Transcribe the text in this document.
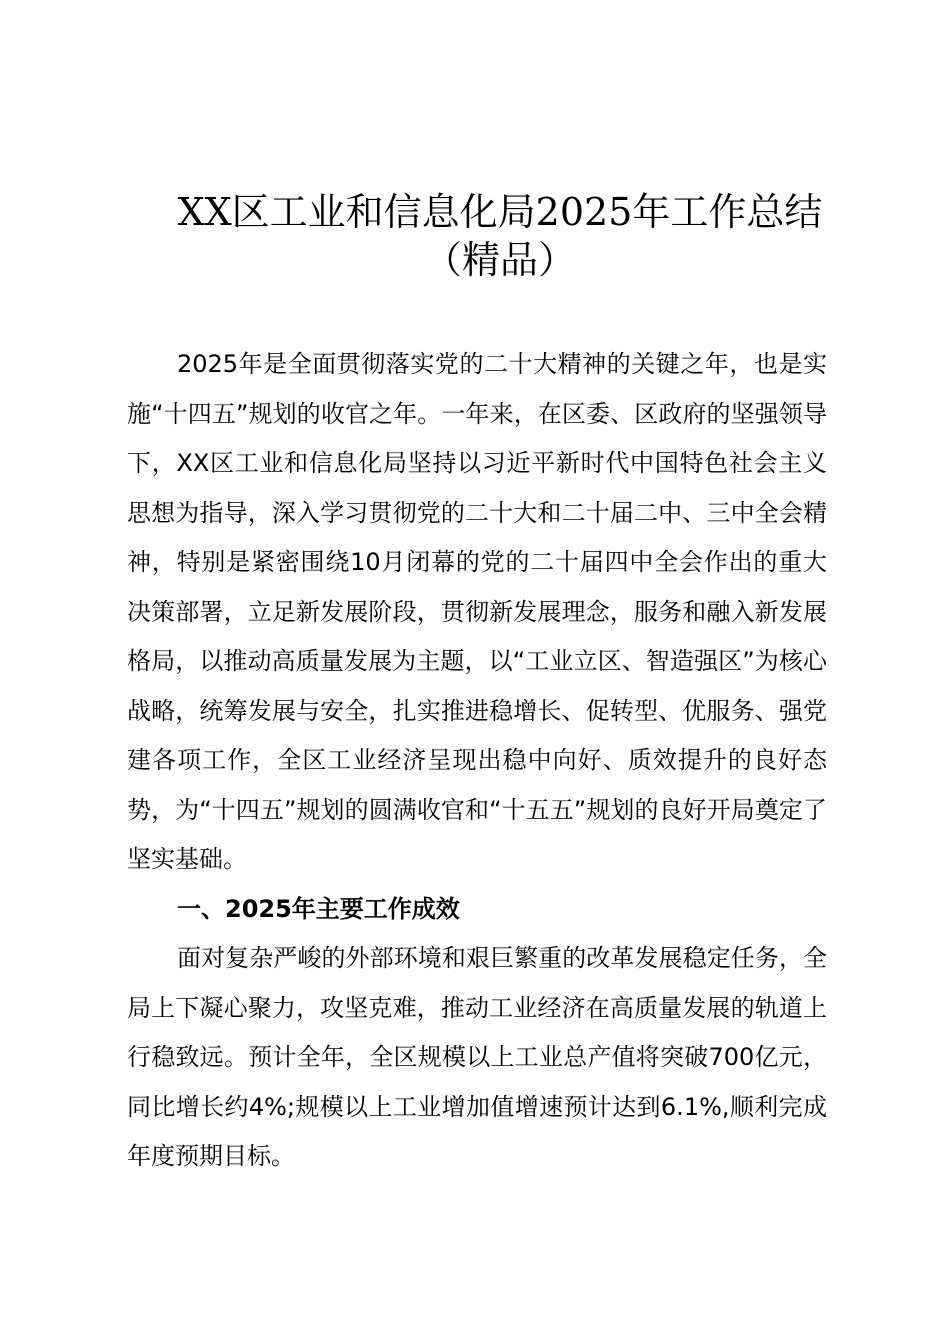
XX区工业和信息化局2025年工作总结（精品）

2025年是全面贯彻落实党的二十大精神的关键之年，也是实施“十四五”规划的收官之年。一年来，在区委、区政府的坚强领导下，XX区工业和信息化局坚持以习近平新时代中国特色社会主义思想为指导，深入学习贯彻党的二十大和二十届二中、三中全会精神，特别是紧密围绕10月闭幕的党的二十届四中全会作出的重大决策部署，立足新发展阶段，贯彻新发展理念，服务和融入新发展格局，以推动高质量发展为主题，以“工业立区、智造强区”为核心战略，统筹发展与安全，扎实推进稳增长、促转型、优服务、强党建各项工作，全区工业经济呈现出稳中向好、质效提升的良好态势，为“十四五”规划的圆满收官和“十五五”规划的良好开局奠定了坚实基础。

一、2025年主要工作成效

面对复杂严峻的外部环境和艰巨繁重的改革发展稳定任务，全局上下凝心聚力，攻坚克难，推动工业经济在高质量发展的轨道上行稳致远。预计全年，全区规模以上工业总产值将突破700亿元，同比增长约4%;规模以上工业增加值增速预计达到6.1%,顺利完成年度预期目标。
